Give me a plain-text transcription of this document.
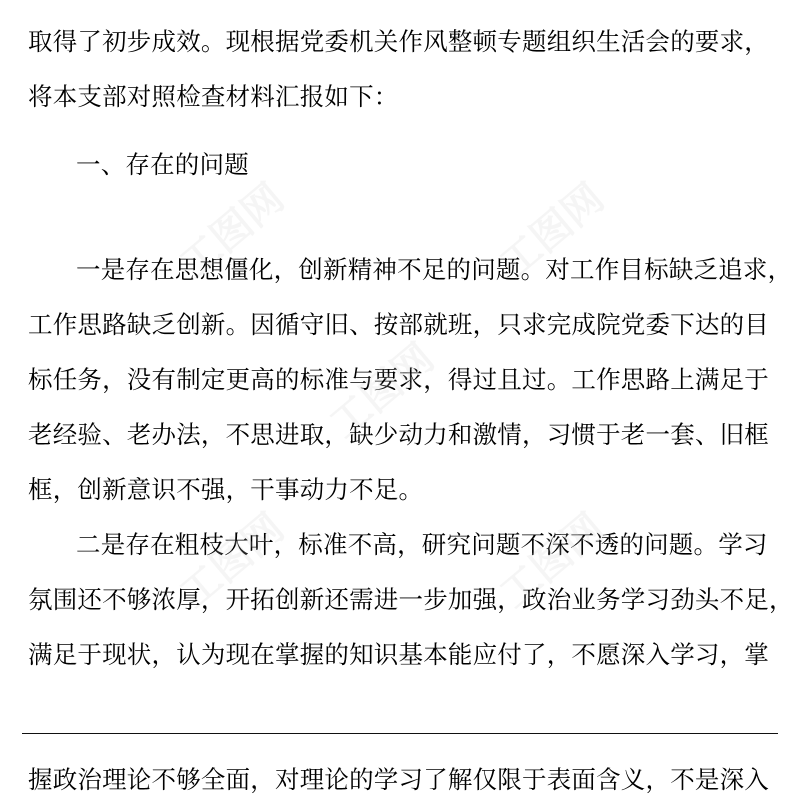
取得了初步成效。现根据党委机关作风整顿专题组织生活会的要求，
将本支部对照检查材料汇报如下：
一、存在的问题
一是存在思想僵化，创新精神不足的问题。对工作目标缺乏追求，
工作思路缺乏创新。因循守旧、按部就班，只求完成院党委下达的目
标任务，没有制定更高的标准与要求，得过且过。工作思路上满足于
老经验、老办法，不思进取，缺少动力和激情，习惯于老一套、旧框
框，创新意识不强，干事动力不足。
二是存在粗枝大叶，标准不高，研究问题不深不透的问题。学习
氛围还不够浓厚，开拓创新还需进一步加强，政治业务学习劲头不足，
满足于现状，认为现在掌握的知识基本能应付了，不愿深入学习，掌
握政治理论不够全面，对理论的学习了解仅限于表面含义，不是深入
工图网	工图网
工图网
工图网	工图网
